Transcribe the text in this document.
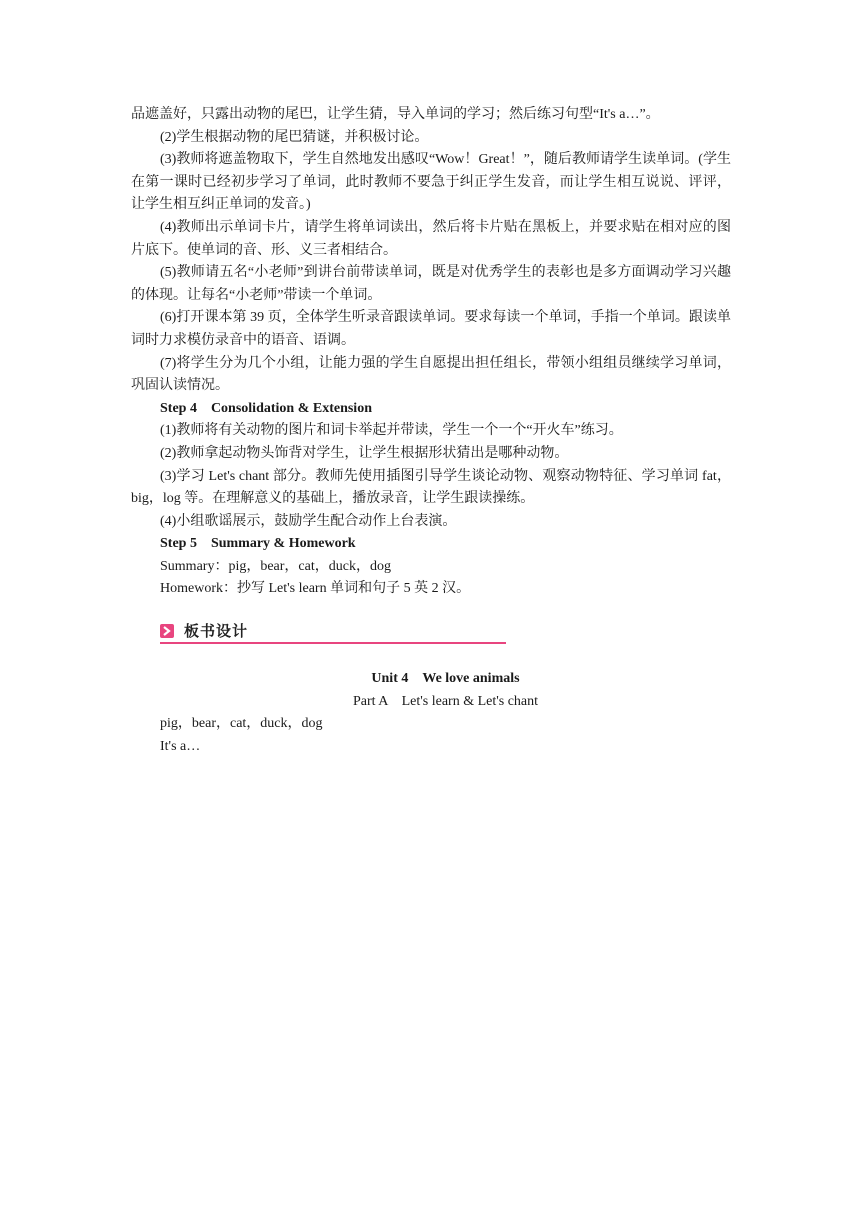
品遮盖好，只露出动物的尾巴，让学生猜，导入单词的学习；然后练习句型“It's a…”。

(2)学生根据动物的尾巴猜谜，并积极讨论。

(3)教师将遮盖物取下，学生自然地发出感叹“Wow！Great！”，随后教师请学生读单词。(学生在第一课时已经初步学习了单词，此时教师不要急于纠正学生发音，而让学生相互说说、评评，让学生相互纠正单词的发音。)

(4)教师出示单词卡片，请学生将单词读出，然后将卡片贴在黑板上，并要求贴在相对应的图片底下。使单词的音、形、义三者相结合。

(5)教师请五名“小老师”到讲台前带读单词，既是对优秀学生的表彰也是多方面调动学习兴趣的体现。让每名“小老师”带读一个单词。

(6)打开课本第 39 页，全体学生听录音跟读单词。要求每读一个单词，手指一个单词。跟读单词时力求模仿录音中的语音、语调。

(7)将学生分为几个小组，让能力强的学生自愿提出担任组长，带领小组组员继续学习单词，巩固认读情况。

Step 4　Consolidation & Extension

(1)教师将有关动物的图片和词卡举起并带读，学生一个一个“开火车”练习。

(2)教师拿起动物头饰背对学生，让学生根据形状猜出是哪种动物。

(3)学习 Let's chant 部分。教师先使用插图引导学生谈论动物、观察动物特征、学习单词 fat，big，log 等。在理解意义的基础上，播放录音，让学生跟读操练。

(4)小组歌谣展示，鼓励学生配合动作上台表演。

Step 5　Summary & Homework

Summary：pig，bear，cat，duck，dog

Homework：抄写 Let's learn 单词和句子 5 英 2 汉。

板书设计

Unit 4　We love animals

Part A　Let's learn & Let's chant

pig，bear，cat，duck，dog

It's a…
